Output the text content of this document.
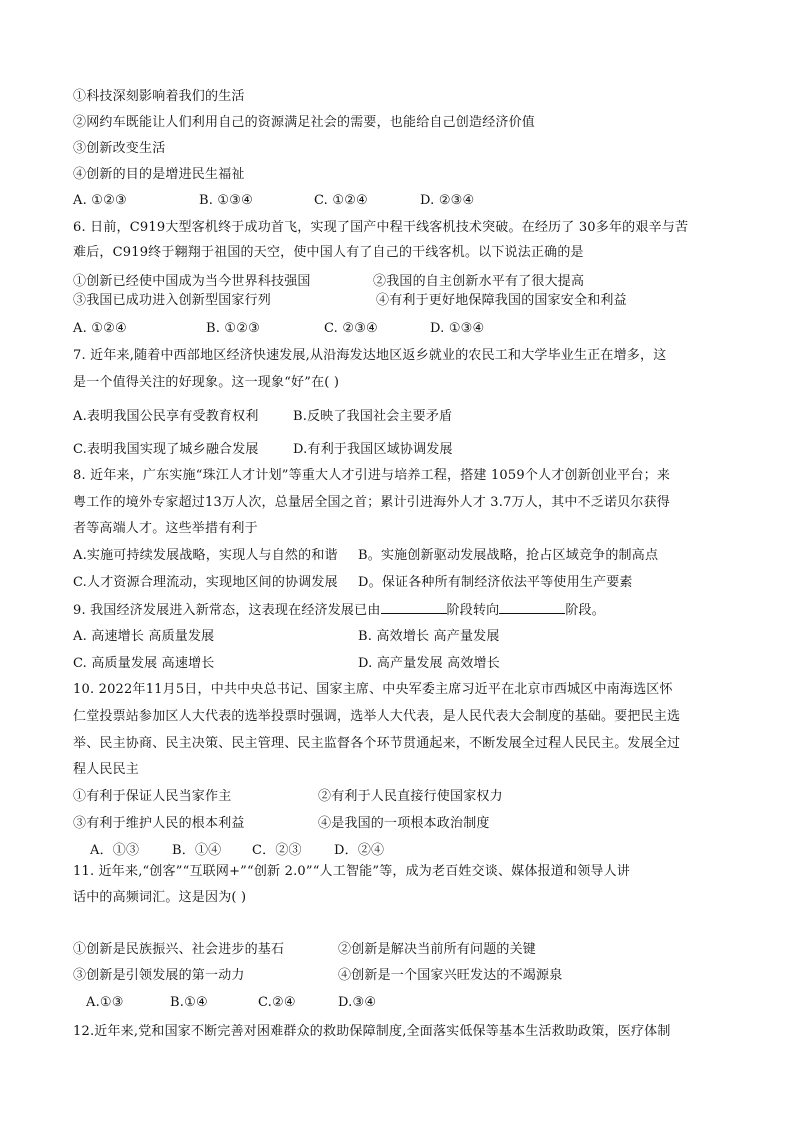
①科技深刻影响着我们的生活
②网约车既能让人们利用自己的资源满足社会的需要，也能给自己创造经济价值
③创新改变生活
④创新的目的是增进民生福祉
A. ①②③	B. ①③④	C. ①②④	D. ②③④
6. 日前，C919大型客机终于成功首飞，实现了国产中程干线客机技术突破。在经历了 30多年的艰辛与苦
难后，C919终于翱翔于祖国的天空，使中国人有了自己的干线客机。以下说法正确的是
①创新已经使中国成为当今世界科技强国	②我国的自主创新水平有了很大提高
③我国已成功进入创新型国家行列	④有利于更好地保障我国的国家安全和利益
A. ①②④	B. ①②③	C. ②③④	D. ①③④
7. 近年来,随着中西部地区经济快速发展,从沿海发达地区返乡就业的农民工和大学毕业生正在增多，这
是一个值得关注的好现象。这一现象“好”在( )
A.表明我国公民享有受教育权利	B.反映了我国社会主要矛盾
C.表明我国实现了城乡融合发展	D.有利于我国区域协调发展
8. 近年来，广东实施“珠江人才计划”等重大人才引进与培养工程，搭建 1059个人才创新创业平台；来
粤工作的境外专家超过13万人次，总量居全国之首；累计引进海外人才 3.7万人，其中不乏诺贝尔获得
者等高端人才。这些举措有利于
A.实施可持续发展战略，实现人与自然的和谐 B。实施创新驱动发展战略，抢占区域竞争的制高点
C.人才资源合理流动，实现地区间的协调发展 D。保证各种所有制经济依法平等使用生产要素
9. 我国经济发展进入新常态，这表现在经济发展已由	阶段转向	阶段。
A. 高速增长 高质量发展	B. 高效增长 高产量发展
C. 高质量发展 高速增长	D. 高产量发展 高效增长
10. 2022年11月5日，中共中央总书记、国家主席、中央军委主席习近平在北京市西城区中南海选区怀
仁堂投票站参加区人大代表的选举投票时强调，选举人大代表，是人民代表大会制度的基础。要把民主选
举、民主协商、民主决策、民主管理、民主监督各个环节贯通起来，不断发展全过程人民民主。发展全过
程人民民主
①有利于保证人民当家作主	②有利于人民直接行使国家权力
③有利于维护人民的根本利益	④是我国的一项根本政治制度
A．①③	B．①④ C．②③ D．②④
11. 近年来,“创客”“互联网+”“创新 2.0”“人工智能”等，成为老百姓交谈、媒体报道和领导人讲
话中的高频词汇。这是因为( )
①创新是民族振兴、社会进步的基石	②创新是解决当前所有问题的关键
③创新是引领发展的第一动力	④创新是一个国家兴旺发达的不竭源泉
A.①③	B.①④	C.②④	D.③④
12.近年来,党和国家不断完善对困难群众的救助保障制度,全面落实低保等基本生活救助政策，医疗体制
